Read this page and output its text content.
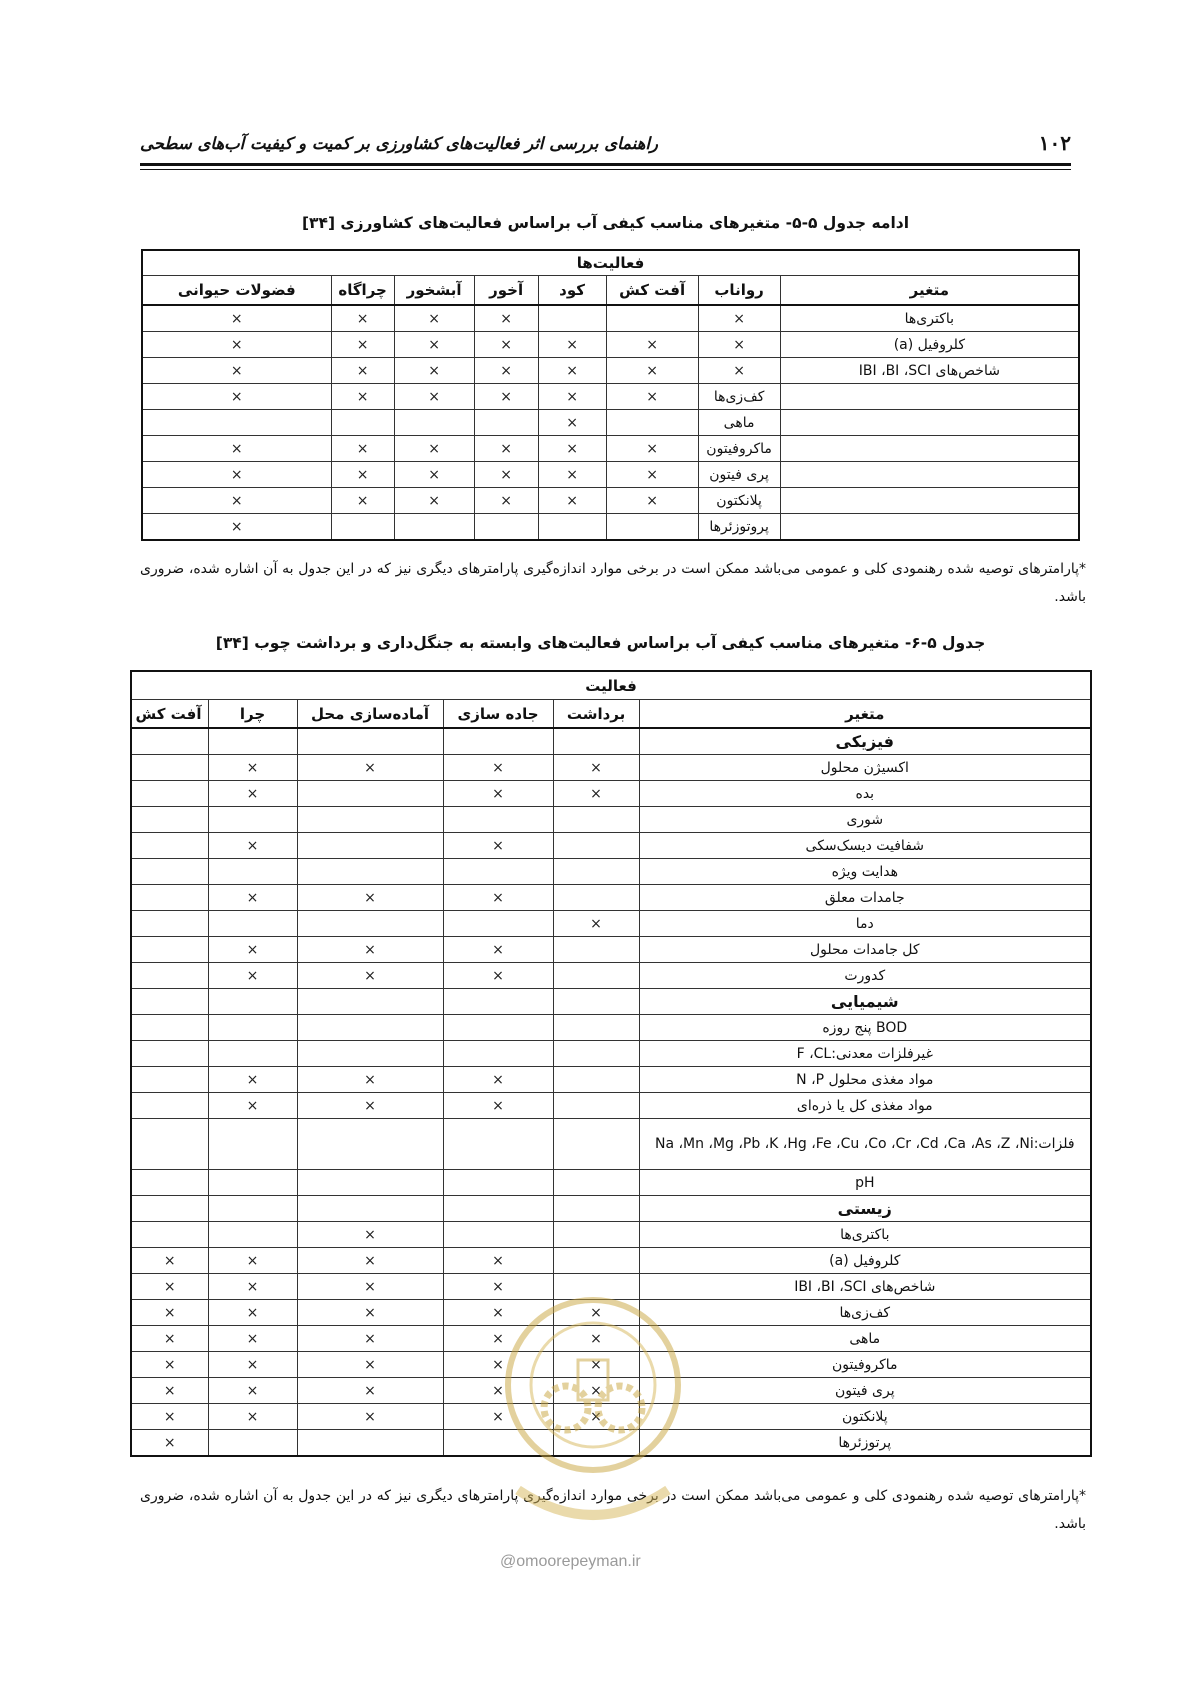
۱۰۲
راهنمای بررسی اثر فعالیت‌های کشاورزی بر کمیت و کیفیت آب‌های سطحی
ادامه جدول ۵-۵- متغیرهای مناسب کیفی آب براساس فعالیت‌های کشاورزی [۳۴]
فعالیت‌ها							
متغیر	رواناب	آفت کش	کود	آخور	آبشخور	چراگاه	فضولات حیوانی
باکتری‌ها	×			×	×	×	×
کلروفیل (a)	×	×	×	×	×	×	×
شاخص‌های IBI ،BI ،SCI	×	×	×	×	×	×	×
	کف‌زی‌ها	×	×	×	×	×	×
	ماهی		×				
	ماکروفیتون	×	×	×	×	×	×
	پری فیتون	×	×	×	×	×	×
	پلانکتون	×	×	×	×	×	×
	پروتوزئرها						×
*پارامترهای توصیه شده رهنمودی کلی و عمومی می‌باشد ممکن است در برخی موارد اندازه‌گیری پارامترهای دیگری نیز که در این جدول به آن اشاره شده، ضروری باشد.
جدول ۵-۶- متغیرهای مناسب کیفی آب براساس فعالیت‌های وابسته به جنگل‌داری و برداشت چوب [۳۴]
فعالیت					
متغیر	برداشت	جاده سازی	آماده‌سازی محل	چرا	آفت کش
فیزیکی					
اکسیژن محلول	×	×	×	×	
بده	×	×		×	
شوری					
شفافیت دیسک‌سکی		×		×	
هدایت ویژه					
جامدات معلق		×	×	×	
دما	×				
کل جامدات محلول		×	×	×	
کدورت		×	×	×	
شیمیایی					
BOD پنج روزه					
غیرفلزات معدنی:F ،CL					
مواد مغذی محلول N ،P		×	×	×	
مواد مغذی کل یا ذره‌ای		×	×	×	
فلزات:Na ،Mn ،Mg ،Pb ،K ،Hg ،Fe ،Cu ،Co ،Cr ،Cd ،Ca ،As ،Z ،Ni					
pH					
زیستی					
باکتری‌ها			×		
کلروفیل (a)		×	×	×	×
شاخص‌های IBI ،BI ،SCI		×	×	×	×
کف‌زی‌ها	×	×	×	×	×
ماهی	×	×	×	×	×
ماکروفیتون	×	×	×	×	×
پری فیتون	×	×	×	×	×
پلانکتون	×	×	×	×	×
پرتوزئرها					×
*پارامترهای توصیه شده رهنمودی کلی و عمومی می‌باشد ممکن است در برخی موارد اندازه‌گیری پارامترهای دیگری نیز که در این جدول به آن اشاره شده، ضروری باشد.
@omoorepeyman.ir
